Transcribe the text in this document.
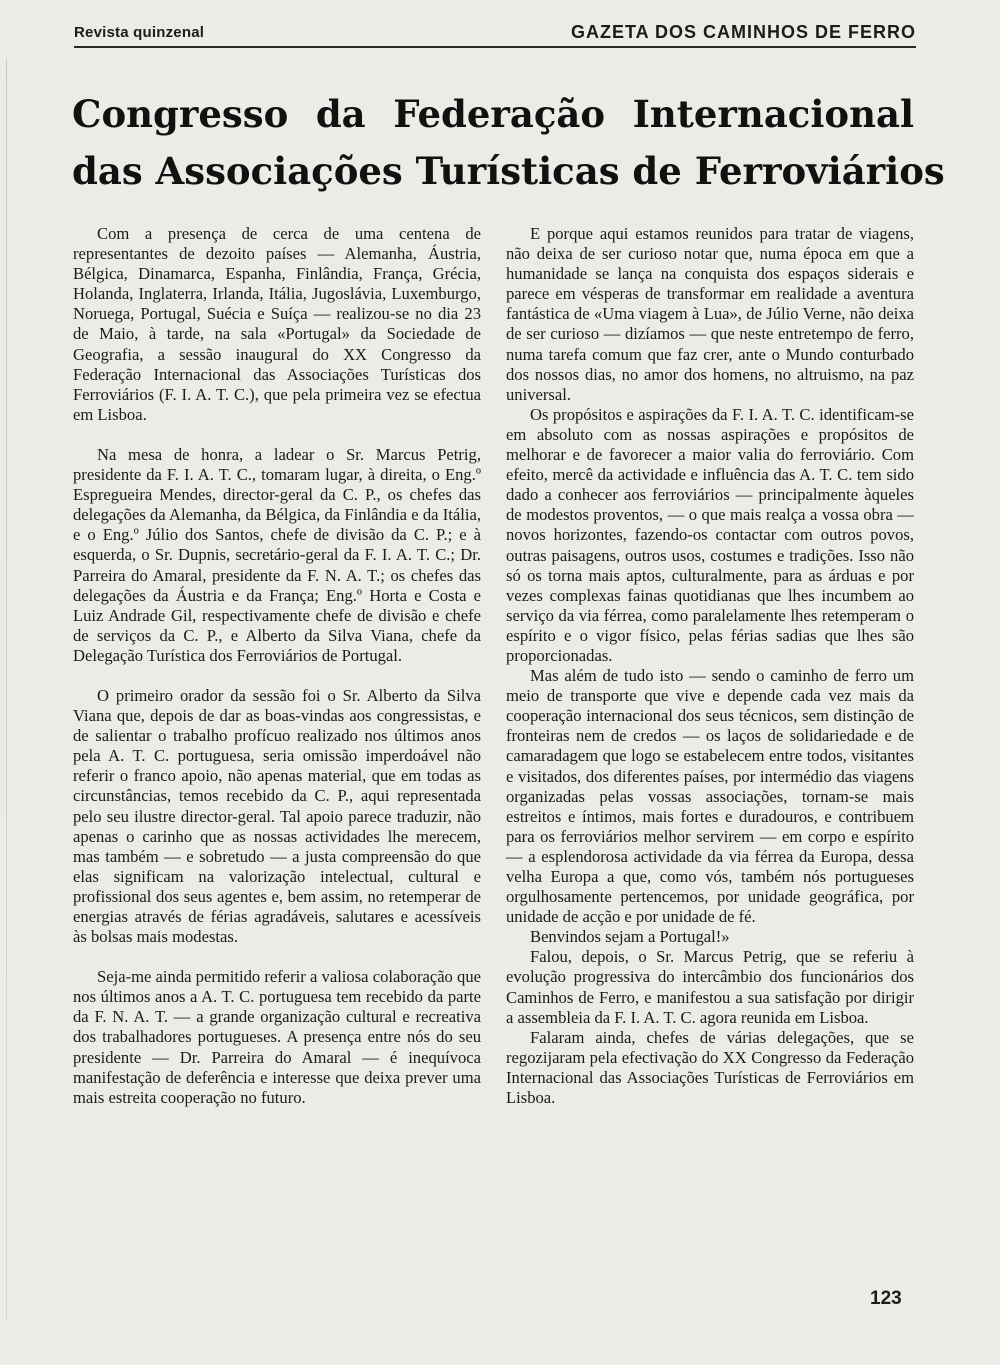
Revista quinzenal	GAZETA DOS CAMINHOS DE FERRO
Congresso da Federação Internacional
das Associações Turísticas de Ferroviários

Com a presença de cerca de uma centena de representantes de dezoito países — Alemanha, Áustria, Bélgica, Dinamarca, Espanha, Finlândia, França, Grécia, Holanda, Inglaterra, Irlanda, Itália, Jugoslávia, Luxemburgo, Noruega, Portugal, Suécia e Suíça — realizou-se no dia 23 de Maio, à tarde, na sala «Portugal» da Sociedade de Geografia, a sessão inaugural do XX Congresso da Federação Internacional das Associações Turísticas dos Ferroviários (F. I. A. T. C.), que pela primeira vez se efectua em Lisboa.

Na mesa de honra, a ladear o Sr. Marcus Petrig, presidente da F. I. A. T. C., tomaram lugar, à direita, o Eng.º Espregueira Mendes, director-geral da C. P., os chefes das delegações da Alemanha, da Bélgica, da Finlândia e da Itália, e o Eng.º Júlio dos Santos, chefe de divisão da C. P.; e à esquerda, o Sr. Dupnis, secretário-geral da F. I. A. T. C.; Dr. Parreira do Amaral, presidente da F. N. A. T.; os chefes das delegações da Áustria e da França; Eng.º Horta e Costa e Luiz Andrade Gil, respectivamente chefe de divisão e chefe de serviços da C. P., e Alberto da Silva Viana, chefe da Delegação Turística dos Ferroviários de Portugal.

O primeiro orador da sessão foi o Sr. Alberto da Silva Viana que, depois de dar as boas-vindas aos congressistas, e de salientar o trabalho profícuo realizado nos últimos anos pela A. T. C. portuguesa, seria omissão imperdoável não referir o franco apoio, não apenas material, que em todas as circunstâncias, temos recebido da C. P., aqui representada pelo seu ilustre director-geral. Tal apoio parece traduzir, não apenas o carinho que as nossas actividades lhe merecem, mas também — e sobretudo — a justa compreensão do que elas significam na valorização intelectual, cultural e profissional dos seus agentes e, bem assim, no retemperar de energias através de férias agradáveis, salutares e acessíveis às bolsas mais modestas.

Seja-me ainda permitido referir a valiosa colaboração que nos últimos anos a A. T. C. portuguesa tem recebido da parte da F. N. A. T. — a grande organização cultural e recreativa dos trabalhadores portugueses. A presença entre nós do seu presidente — Dr. Parreira do Amaral — é inequívoca manifestação de deferência e interesse que deixa prever uma mais estreita cooperação no futuro.

E porque aqui estamos reunidos para tratar de viagens, não deixa de ser curioso notar que, numa época em que a humanidade se lança na conquista dos espaços siderais e parece em vésperas de transformar em realidade a aventura fantástica de «Uma viagem à Lua», de Júlio Verne, não deixa de ser curioso — dizíamos — que neste entretempo de ferro, numa tarefa comum que faz crer, ante o Mundo conturbado dos nossos dias, no amor dos homens, no altruismo, na paz universal.

Os propósitos e aspirações da F. I. A. T. C. identificam-se em absoluto com as nossas aspirações e propósitos de melhorar e de favorecer a maior valia do ferroviário. Com efeito, mercê da actividade e influência das A. T. C. tem sido dado a conhecer aos ferroviários — principalmente àqueles de modestos proventos, — o que mais realça a vossa obra — novos horizontes, fazendo-os contactar com outros povos, outras paisagens, outros usos, costumes e tradições. Isso não só os torna mais aptos, culturalmente, para as árduas e por vezes complexas fainas quotidianas que lhes incumbem ao serviço da via férrea, como paralelamente lhes retemperam o espírito e o vigor físico, pelas férias sadias que lhes são proporcionadas.

Mas além de tudo isto — sendo o caminho de ferro um meio de transporte que vive e depende cada vez mais da cooperação internacional dos seus técnicos, sem distinção de fronteiras nem de credos — os laços de solidariedade e de camaradagem que logo se estabelecem entre todos, visitantes e visitados, dos diferentes países, por intermédio das viagens organizadas pelas vossas associações, tornam-se mais estreitos e íntimos, mais fortes e duradouros, e contribuem para os ferroviários melhor servirem — em corpo e espírito — a esplendorosa actividade da via férrea da Europa, dessa velha Europa a que, como vós, também nós portugueses orgulhosamente pertencemos, por unidade geográfica, por unidade de acção e por unidade de fé.

Benvindos sejam a Portugal!»

Falou, depois, o Sr. Marcus Petrig, que se referiu à evolução progressiva do intercâmbio dos funcionários dos Caminhos de Ferro, e manifestou a sua satisfação por dirigir a assembleia da F. I. A. T. C. agora reunida em Lisboa.

Falaram ainda, chefes de várias delegações, que se regozijaram pela efectivação do XX Congresso da Federação Internacional das Associações Turísticas de Ferroviários em Lisboa.

123
